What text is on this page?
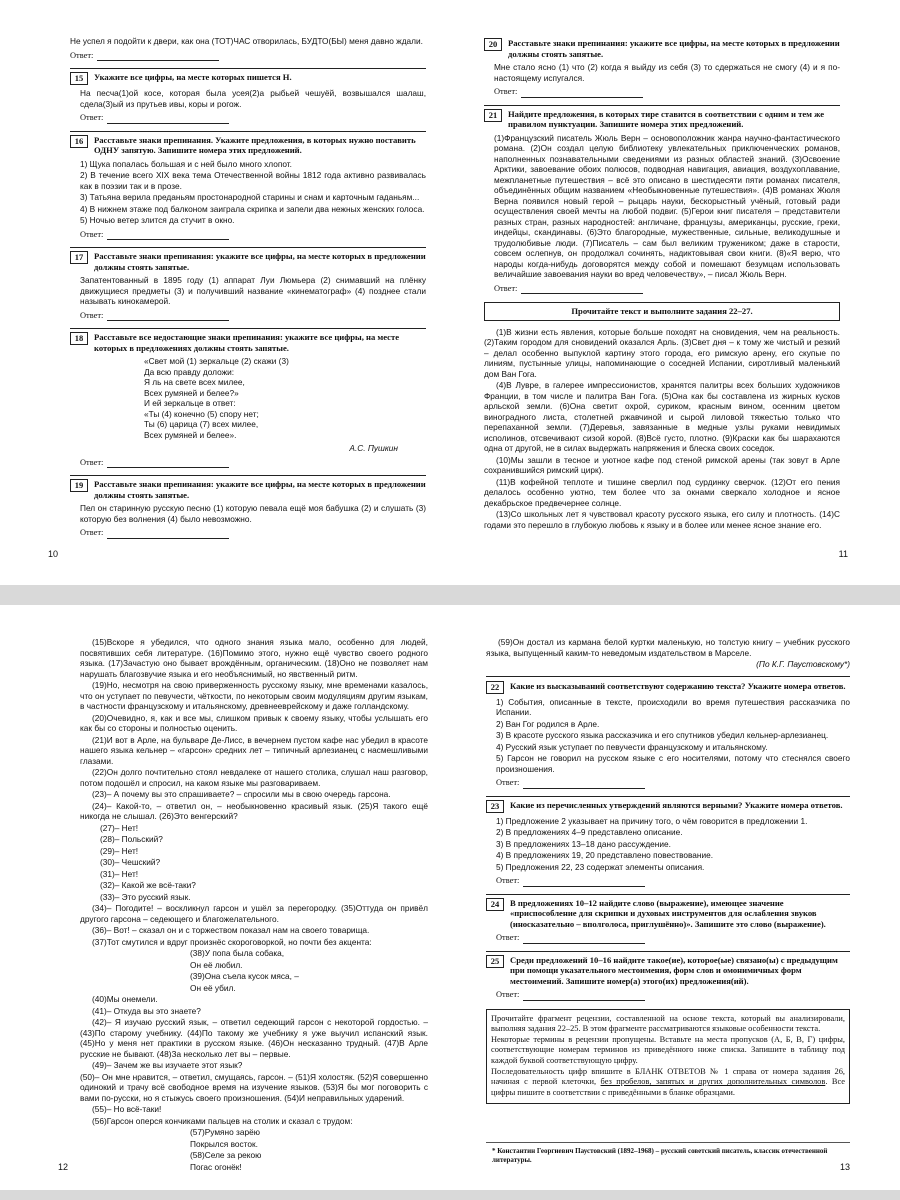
Не успел я подойти к двери, как она (ТОТ)ЧАС отворилась, БУДТО(БЫ) меня давно ждали.

Ответ:
15	Укажите все цифры, на месте которых пишется Н.

На песча(1)ой косе, которая была усея(2)а рыбьей чешуёй, возвышался шалаш, сдела(3)ый из прутьев ивы, коры и рогож.

Ответ:
16	Расставьте знаки препинания. Укажите предложения, в которых нужно поставить ОДНУ запятую. Запишите номера этих предложений.

1) Щука попалась большая и с ней было много хлопот.

2) В течение всего XIX века тема Отечественной войны 1812 года активно развивалась как в поэзии так и в прозе.

3) Татьяна верила преданьям простонародной старины и снам и карточным гаданьям...

4) В нижнем этаже под балконом заиграла скрипка и запели два нежных женских голоса.

5) Ночью ветер злится да стучит в окно.

Ответ:
17	Расставьте знаки препинания: укажите все цифры, на месте которых в предложении должны стоять запятые.

Запатентованный в 1895 году (1) аппарат Луи Люмьера (2) снимавший на плёнку движущиеся предметы (3) и получивший название «кинематограф» (4) позднее стали называть кинокамерой.

Ответ:
18	Расставьте все недостающие знаки препинания: укажите все цифры, на месте которых в предложениях должны стоять запятые.
«Свет мой (1) зеркальце (2) скажи (3)
Да всю правду доложи:
Я ль на свете всех милее,
Всех румяней и белее?»
И ей зеркальце в ответ:
«Ты (4) конечно (5) спору нет;
Ты (6) царица (7) всех милее,
Всех румяней и белее».
А.С. Пушкин
Ответ:
19	Расставьте знаки препинания: укажите все цифры, на месте которых в предложении должны стоять запятые.

Пел он старинную русскую песню (1) которую певала ещё моя бабушка (2) и слушать (3) которую без волнения (4) было невозможно.

Ответ:
10
20	Расставьте знаки препинания: укажите все цифры, на месте которых в предложении должны стоять запятые.

Мне стало ясно (1) что (2) когда я выйду из себя (3) то сдержаться не смогу (4) и я по-настоящему испугался.

Ответ:
21	Найдите предложения, в которых тире ставится в соответствии с одним и тем же правилом пунктуации. Запишите номера этих предложений.

(1)Французский писатель Жюль Верн – основоположник жанра научно-фантастического романа. (2)Он создал целую библиотеку увлекательных приключенческих романов, наполненных познавательными сведениями из разных областей знаний. (3)Освоение Арктики, завоевание обоих полюсов, подводная навигация, авиация, воздухоплавание, межпланетные путешествия – всё это описано в шестидесяти пяти романах писателя, объединённых общим названием «Необыкновенные путешествия». (4)В романах Жюля Верна появился новый герой – рыцарь науки, бескорыстный учёный, готовый ради осуществления своей мечты на любой подвиг. (5)Герои книг писателя – представители разных стран, разных народностей: англичане, французы, американцы, русские, греки, индейцы, скандинавы. (6)Это благородные, мужественные, сильные, великодушные и трудолюбивые люди. (7)Писатель – сам был великим тружеником; даже в старости, совсем ослепнув, он продолжал сочинять, надиктовывая свои книги. (8)«Я верю, что народы когда-нибудь договорятся между собой и помешают безумцам использовать величайшие завоевания науки во вред человечеству», – писал Жюль Верн.

Ответ:
Прочитайте текст и выполните задания 22–27.

(1)В жизни есть явления, которые больше походят на сновидения, чем на реальность. (2)Таким городом для сновидений оказался Арль. (3)Свет дня – к тому же чистый и резкий – делал особенно выпуклой картину этого города, его римскую арену, его скупые по линиям, пустынные улицы, напоминающие о соседней Испании, сиротливый маленький дом Ван Гога.

(4)В Лувре, в галерее импрессионистов, хранятся палитры всех больших художников Франции, в том числе и палитра Ван Гога. (5)Она как бы составлена из жирных кусков арльской земли. (6)Она светит охрой, суриком, красным вином, осенним цветом виноградного листа, столетней ржавчиной и сырой лиловой тяжестью только что перепаханной земли. (7)Деревья, завязанные в медные узлы руками невидимых исполинов, отсвечивают сизой корой. (8)Всё густо, плотно. (9)Краски как бы шарахаются одна от другой, не в силах выдержать напряжения и блеска своих соседок.

(10)Мы зашли в тесное и уютное кафе под стеной римской арены (так зовут в Арле сохранившийся римский цирк).

(11)В кофейной теплоте и тишине сверлил под сурдинку сверчок. (12)От его пения делалось особенно уютно, тем более что за окнами сверкало холодное и ясное декабрьское предвечернее солнце.

(13)Со школьных лет я чувствовал красоту русского языка, его силу и плотность. (14)С годами это перешло в глубокую любовь к языку и в более или менее ясное знание его.

11

(15)Вскоре я убедился, что одного знания языка мало, особенно для людей, посвятивших себя литературе. (16)Помимо этого, нужно ещё чувство своего родного языка. (17)Зачастую оно бывает врождённым, органическим. (18)Оно не позволяет нам нарушать благозвучие языка и его необъяснимый, но явственный ритм.

(19)Но, несмотря на свою приверженность русскому языку, мне временами казалось, что он уступает по певучести, чёткости, по некоторым своим модуляциям другим языкам, в частности французскому и итальянскому, древнееврейскому и даже голландскому.

(20)Очевидно, я, как и все мы, слишком привык к своему языку, чтобы услышать его как бы со стороны и полностью оценить.

(21)И вот в Арле, на бульваре Де-Лисс, в вечернем пустом кафе нас убедил в красоте нашего языка кельнер – «гарсон» средних лет – типичный арлезианец с насмешливыми глазами.

(22)Он долго почтительно стоял невдалеке от нашего столика, слушал наш разговор, потом подошёл и спросил, на каком языке мы разговариваем.

(23)– А почему вы это спрашиваете? – спросили мы в свою очередь гарсона.

(24)– Какой-то, – ответил он, – необыкновенно красивый язык. (25)Я такого ещё никогда не слышал. (26)Это венгерский?

(27)– Нет!

(28)– Польский?

(29)– Нет!

(30)– Чешский?

(31)– Нет!

(32)– Какой же всё-таки?

(33)– Это русский язык.

(34)– Погодите! – воскликнул гарсон и ушёл за перегородку. (35)Оттуда он привёл другого гарсона – седеющего и благожелательного.

(36)– Вот! – сказал он и с торжеством показал нам на своего товарища.

(37)Тот смутился и вдруг произнёс скороговоркой, но почти без акцента:

(38)У попа была собака,

Он её любил.

(39)Она съела кусок мяса, –

Он её убил.

(40)Мы онемели.

(41)– Откуда вы это знаете?

(42)– Я изучаю русский язык, – ответил седеющий гарсон с некоторой гордостью. – (43)По старому учебнику. (44)По такому же учебнику я уже выучил испанский язык. (45)Но у меня нет практики в русском языке. (46)Он несказанно трудный. (47)В Арле русские не бывают. (48)За несколько лет вы – первые.

(49)– Зачем же вы изучаете этот язык?

(50)– Он мне нравится, – ответил, смущаясь, гарсон. – (51)Я холостяк. (52)Я совершенно одинокий и трачу всё свободное время на изучение языков. (53)Я бы мог поговорить с вами по-русски, но я стыжусь своего произношения. (54)И неправильных ударений.

(55)– Но всё-таки!

(56)Гарсон оперся кончиками пальцев на столик и сказал с трудом:

(57)Румяно зарёю

Покрылся восток.

(58)Селе за рекою

Погас огонёк!

12

(59)Он достал из кармана белой куртки маленькую, но толстую книгу – учебник русского языка, выпущенный каким-то неведомым издательством в Марселе.

(По К.Г. Паустовскому*)
22	Какие из высказываний соответствуют содержанию текста? Укажите номера ответов.

1) События, описанные в тексте, происходили во время путешествия рассказчика по Испании.

2) Ван Гог родился в Арле.

3) В красоте русского языка рассказчика и его спутников убедил кельнер-арлезианец.

4) Русский язык уступает по певучести французскому и итальянскому.

5) Гарсон не говорил на русском языке с его носителями, потому что стеснялся своего произношения.

Ответ:
23	Какие из перечисленных утверждений являются верными? Укажите номера ответов.

1) Предложение 2 указывает на причину того, о чём говорится в предложении 1.

2) В предложениях 4–9 представлено описание.

3) В предложениях 13–18 дано рассуждение.

4) В предложениях 19, 20 представлено повествование.

5) Предложения 22, 23 содержат элементы описания.

Ответ:
24	В предложениях 10–12 найдите слово (выражение), имеющее значение «приспособление для скрипки и духовых инструментов для ослабления звуков (иносказательно – вполголоса, приглушённо)». Запишите это слово (выражение).
Ответ:
25	Среди предложений 10–16 найдите такое(ие), которое(ые) связано(ы) с предыдущим при помощи указательного местоимения, форм слов и омонимичных форм местоимений. Запишите номер(а) этого(их) предложения(ий).
Ответ:

Прочитайте фрагмент рецензии, составленной на основе текста, который вы анализировали, выполняя задания 22–25. В этом фрагменте рассматриваются языковые особенности текста.

Некоторые термины в рецензии пропущены. Вставьте на места пропусков (А, Б, В, Г) цифры, соответствующие номерам терминов из приведённого ниже списка. Запишите в таблицу под каждой буквой соответствующую цифру.

Последовательность цифр впишите в БЛАНК ОТВЕТОВ № 1 справа от номера задания 26, начиная с первой клеточки, без пробелов, запятых и других дополнительных символов. Все цифры пишите в соответствии с приведёнными в бланке образцами.

* Константин Георгиевич Паустовский (1892–1968) – русский советский писатель, классик отечественной литературы.
13
